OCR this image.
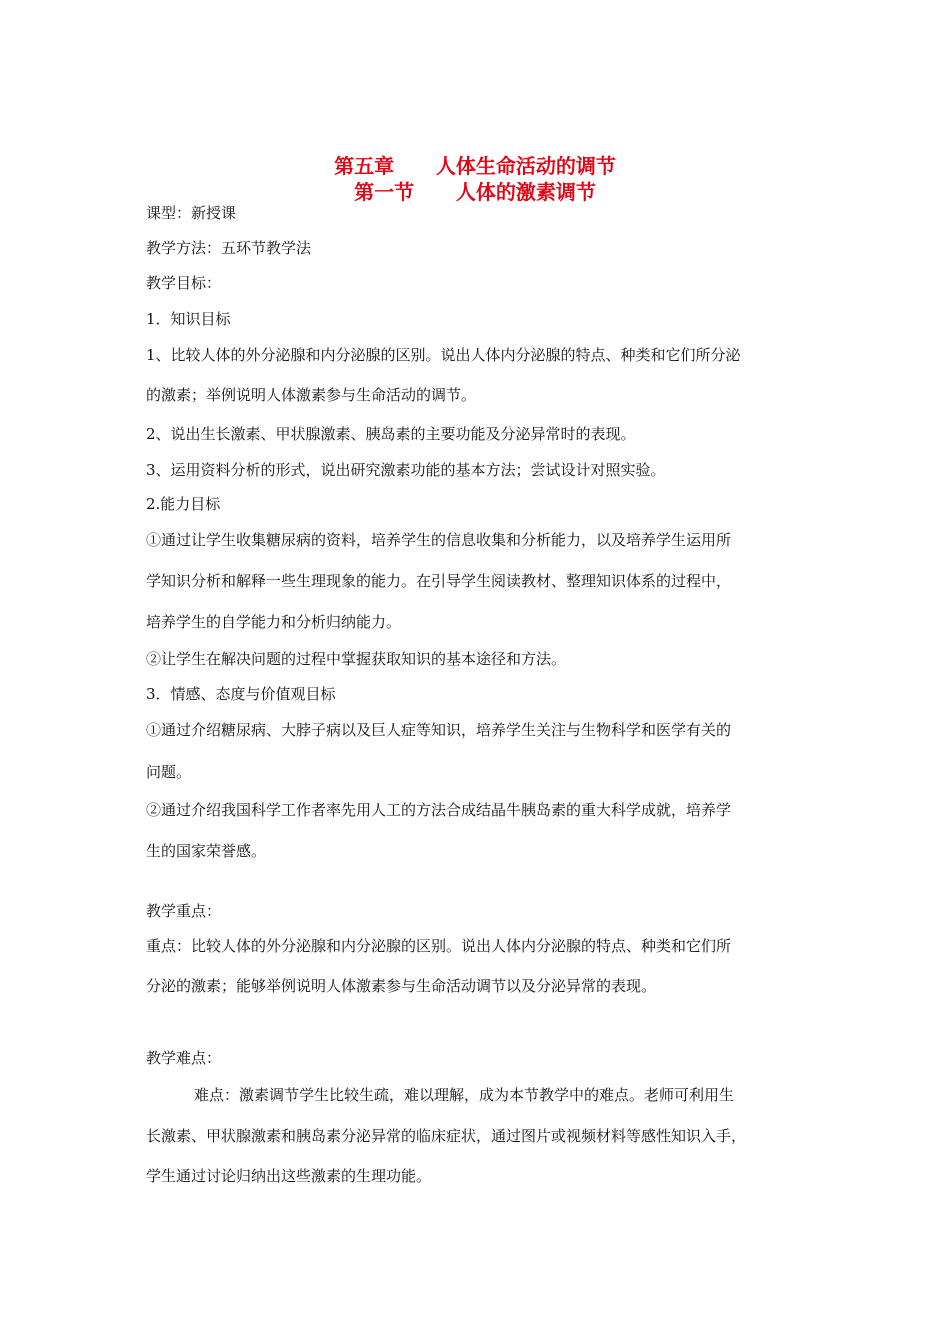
第五章      人体生命活动的调节
第一节      人体的激素调节
课型：新授课
教学方法：五环节教学法
教学目标：
1．知识目标
1、比较人体的外分泌腺和内分泌腺的区别。说出人体内分泌腺的特点、种类和它们所分泌
的激素；举例说明人体激素参与生命活动的调节。
2、说出生长激素、甲状腺激素、胰岛素的主要功能及分泌异常时的表现。
3、运用资料分析的形式，说出研究激素功能的基本方法；尝试设计对照实验。
2.能力目标
①通过让学生收集糖尿病的资料，培养学生的信息收集和分析能力，以及培养学生运用所
学知识分析和解释一些生理现象的能力。在引导学生阅读教材、整理知识体系的过程中，
培养学生的自学能力和分析归纳能力。
②让学生在解决问题的过程中掌握获取知识的基本途径和方法。
3．情感、态度与价值观目标
①通过介绍糖尿病、大脖子病以及巨人症等知识，培养学生关注与生物科学和医学有关的
问题。
②通过介绍我国科学工作者率先用人工的方法合成结晶牛胰岛素的重大科学成就，培养学
生的国家荣誉感。
教学重点：
重点：比较人体的外分泌腺和内分泌腺的区别。说出人体内分泌腺的特点、种类和它们所
分泌的激素；能够举例说明人体激素参与生命活动调节以及分泌异常的表现。
教学难点：
难点：激素调节学生比较生疏，难以理解，成为本节教学中的难点。老师可利用生
长激素、甲状腺激素和胰岛素分泌异常的临床症状，通过图片或视频材料等感性知识入手，
学生通过讨论归纳出这些激素的生理功能。
